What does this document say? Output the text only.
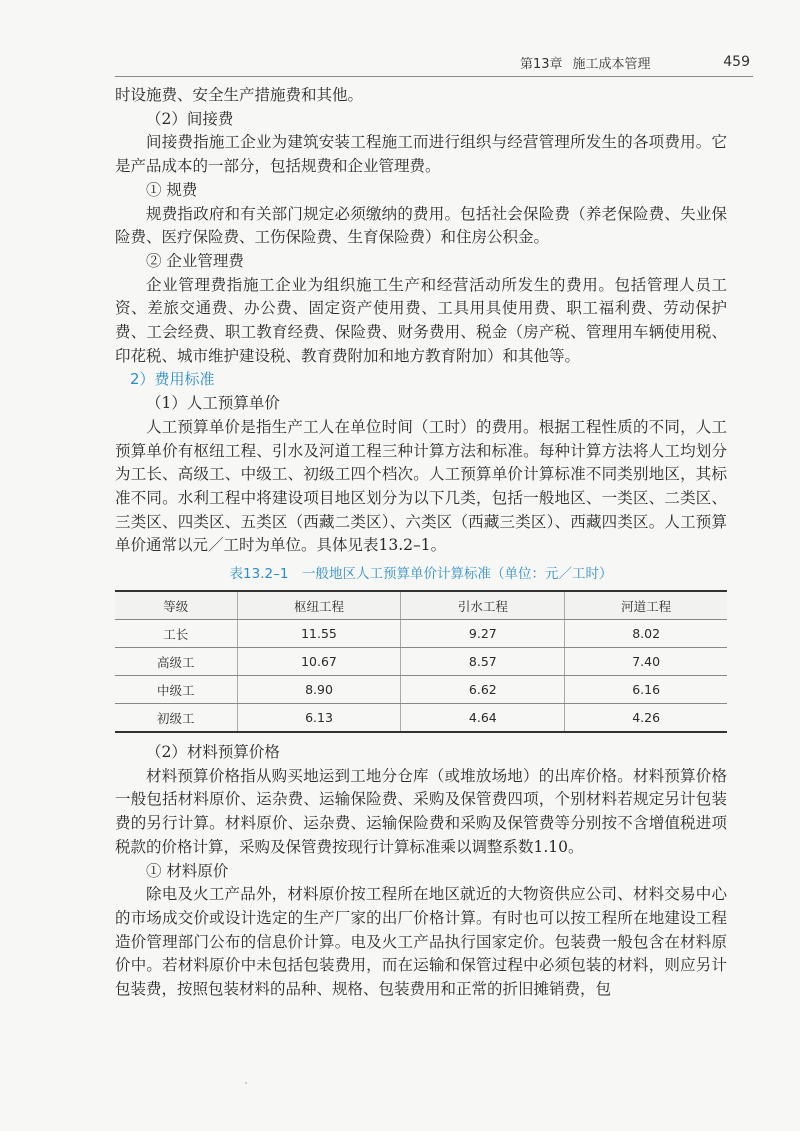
第13章 施工成本管理	459

时设施费、安全生产措施费和其他。

（2）间接费

间接费指施工企业为建筑安装工程施工而进行组织与经营管理所发生的各项费用。它是产品成本的一部分，包括规费和企业管理费。

① 规费

规费指政府和有关部门规定必须缴纳的费用。包括社会保险费（养老保险费、失业保险费、医疗保险费、工伤保险费、生育保险费）和住房公积金。

② 企业管理费

企业管理费指施工企业为组织施工生产和经营活动所发生的费用。包括管理人员工资、差旅交通费、办公费、固定资产使用费、工具用具使用费、职工福利费、劳动保护费、工会经费、职工教育经费、保险费、财务费用、税金（房产税、管理用车辆使用税、印花税、城市维护建设税、教育费附加和地方教育附加）和其他等。

2）费用标准

（1）人工预算单价

人工预算单价是指生产工人在单位时间（工时）的费用。根据工程性质的不同，人工预算单价有枢纽工程、引水及河道工程三种计算方法和标准。每种计算方法将人工均划分为工长、高级工、中级工、初级工四个档次。人工预算单价计算标准不同类别地区，其标准不同。水利工程中将建设项目地区划分为以下几类，包括一般地区、一类区、二类区、三类区、四类区、五类区（西藏二类区）、六类区（西藏三类区）、西藏四类区。人工预算单价通常以元／工时为单位。具体见表13.2–1。

表13.2–1　一般地区人工预算单价计算标准（单位：元／工时）
等级	枢纽工程	引水工程	河道工程
工长	11.55	9.27	8.02
高级工	10.67	8.57	7.40
中级工	8.90	6.62	6.16
初级工	6.13	4.64	4.26

（2）材料预算价格

材料预算价格指从购买地运到工地分仓库（或堆放场地）的出库价格。材料预算价格一般包括材料原价、运杂费、运输保险费、采购及保管费四项，个别材料若规定另计包装费的另行计算。材料原价、运杂费、运输保险费和采购及保管费等分别按不含增值税进项税款的价格计算，采购及保管费按现行计算标准乘以调整系数1.10。

① 材料原价

除电及火工产品外，材料原价按工程所在地区就近的大物资供应公司、材料交易中心的市场成交价或设计选定的生产厂家的出厂价格计算。有时也可以按工程所在地建设工程造价管理部门公布的信息价计算。电及火工产品执行国家定价。包装费一般包含在材料原价中。若材料原价中未包括包装费用，而在运输和保管过程中必须包装的材料，则应另计包装费，按照包装材料的品种、规格、包装费用和正常的折旧摊销费，包
